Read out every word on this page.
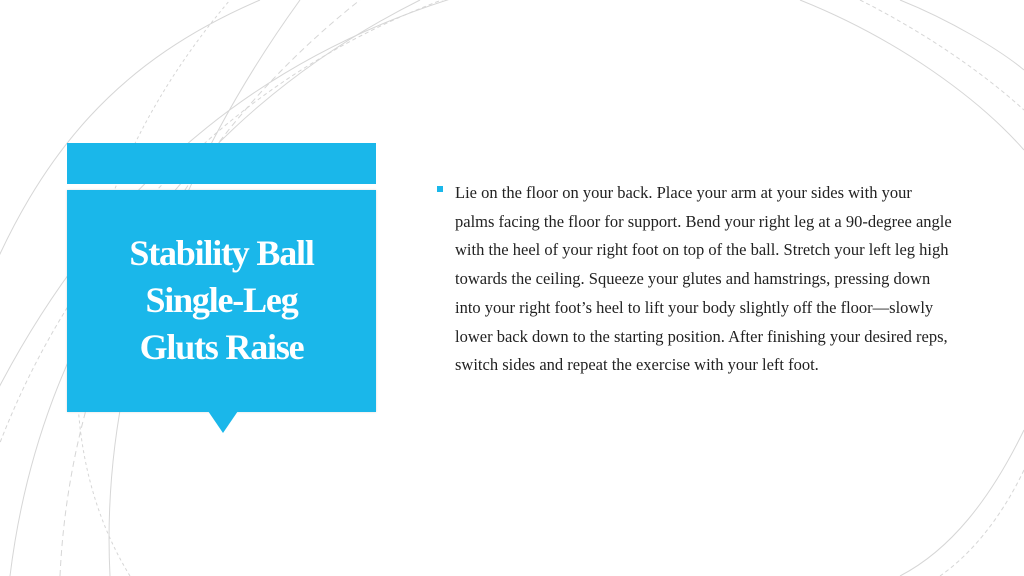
Stability Ball
Single-Leg
Gluts Raise
Lie on the floor on your back. Place your arm at your sides with your palms facing the floor for support. Bend your right leg at a 90-degree angle with the heel of your right foot on top of the ball. Stretch your left leg high towards the ceiling. Squeeze your glutes and hamstrings, pressing down into your right foot’s heel to lift your body slightly off the floor—slowly lower back down to the starting position. After finishing your desired reps, switch sides and repeat the exercise with your left foot.
